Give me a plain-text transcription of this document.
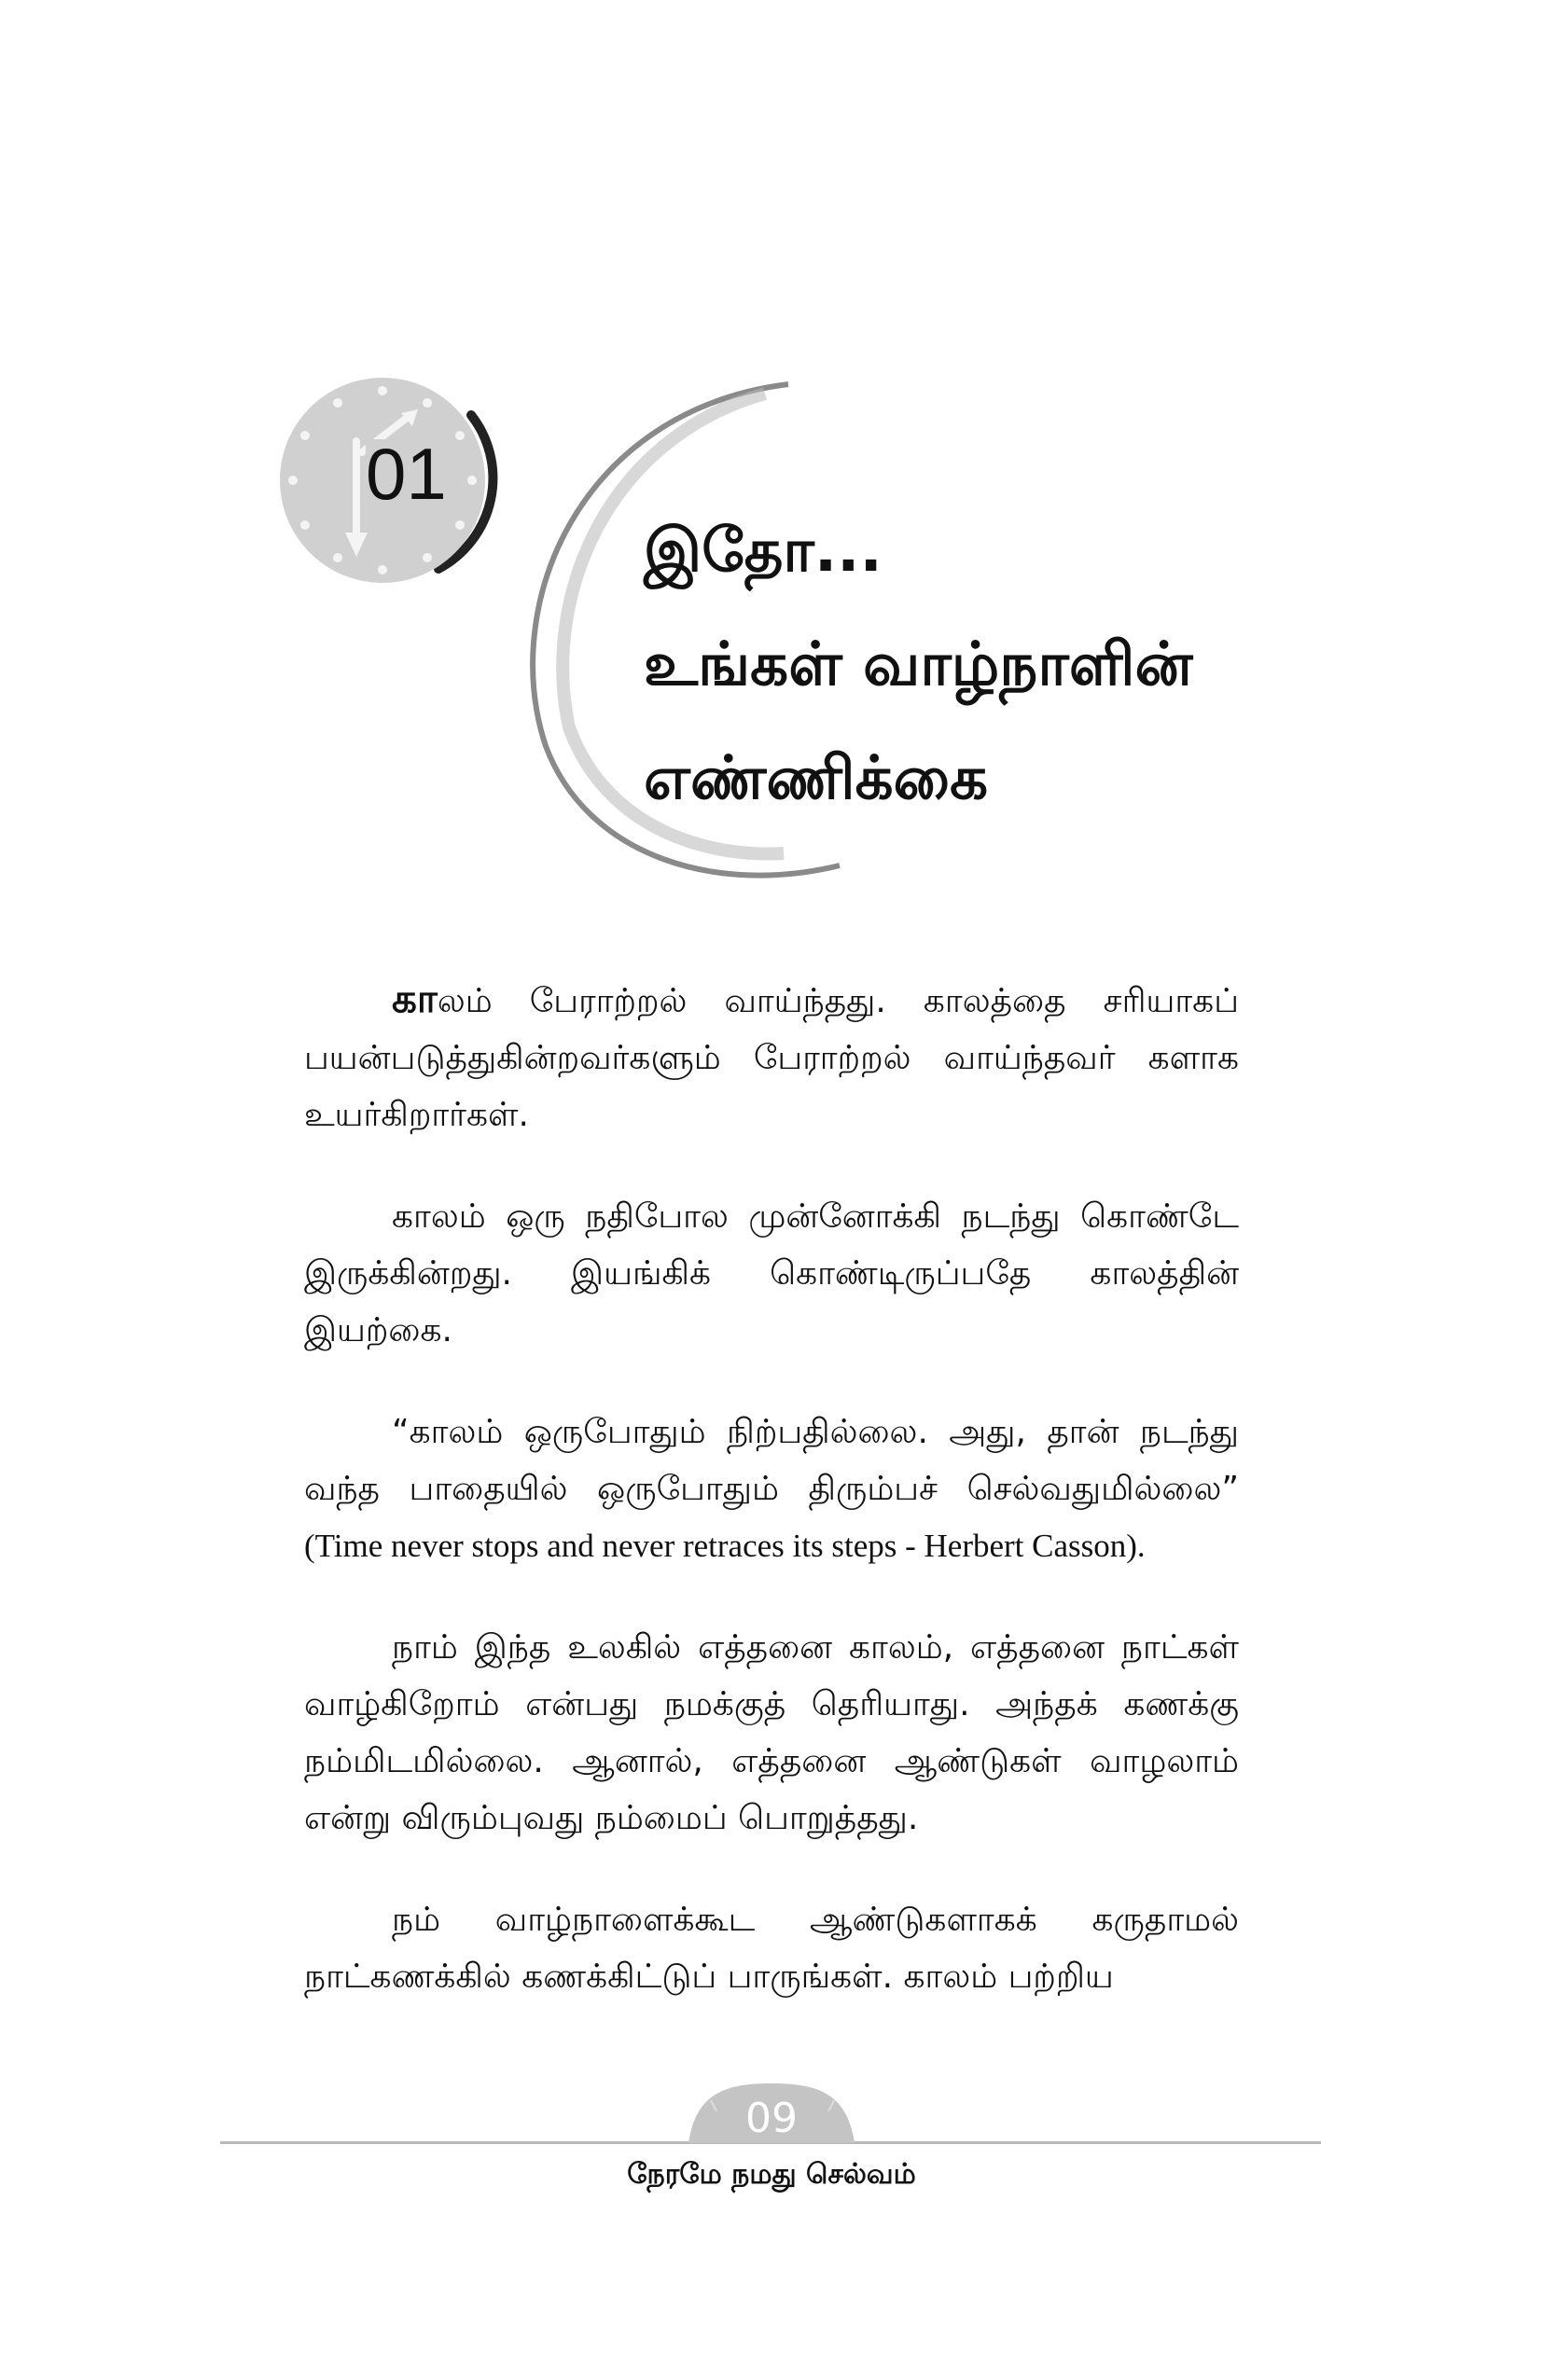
01
இதோ...
உங்கள் வாழ்நாளின்
எண்ணிக்கை

காலம் பேராற்றல் வாய்ந்தது. காலத்தை சரியாகப் பயன்படுத்துகின்றவர்களும் பேராற்றல் வாய்ந்தவர் களாக உயர்கிறார்கள்.

காலம் ஒரு நதிபோல முன்னோக்கி நடந்து கொண்டே இருக்கின்றது. இயங்கிக் கொண்டிருப்பதே காலத்தின் இயற்கை.

“காலம் ஒருபோதும் நிற்பதில்லை. அது, தான் நடந்து வந்த பாதையில் ஒருபோதும் திரும்பச் செல்வதுமில்லை” (Time never stops and never retraces its steps - Herbert Casson).

நாம் இந்த உலகில் எத்தனை காலம், எத்தனை நாட்கள் வாழ்கிறோம் என்பது நமக்குத் தெரியாது. அந்தக் கணக்கு நம்மிடமில்லை. ஆனால், எத்தனை ஆண்டுகள் வாழலாம் என்று விரும்புவது நம்மைப் பொறுத்தது.

நம் வாழ்நாளைக்கூட ஆண்டுகளாகக் கருதாமல் நாட்கணக்கில் கணக்கிட்டுப் பாருங்கள். காலம் பற்றிய

09
நேரமே நமது செல்வம்
